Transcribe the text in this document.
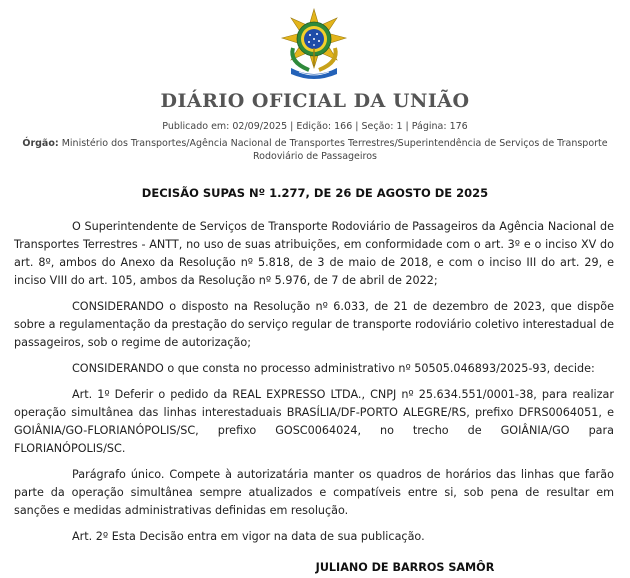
DIÁRIO OFICIAL DA UNIÃO
Publicado em: 02/09/2025 | Edição: 166 | Seção: 1 | Página: 176
Órgão: Ministério dos Transportes/Agência Nacional de Transportes Terrestres/Superintendência de Serviços de Transporte Rodoviário de Passageiros
DECISÃO SUPAS Nº 1.277, DE 26 DE AGOSTO DE 2025

O Superintendente de Serviços de Transporte Rodoviário de Passageiros da Agência Nacional de Transportes Terrestres - ANTT, no uso de suas atribuições, em conformidade com o art. 3º e o inciso XV do art. 8º, ambos do Anexo da Resolução nº 5.818, de 3 de maio de 2018, e com o inciso III do art. 29, e inciso VIII do art. 105, ambos da Resolução nº 5.976, de 7 de abril de 2022;

CONSIDERANDO o disposto na Resolução nº 6.033, de 21 de dezembro de 2023, que dispõe sobre a regulamentação da prestação do serviço regular de transporte rodoviário coletivo interestadual de passageiros, sob o regime de autorização;

CONSIDERANDO o que consta no processo administrativo nº 50505.046893/2025-93, decide:

Art. 1º Deferir o pedido da REAL EXPRESSO LTDA., CNPJ nº 25.634.551/0001-38, para realizar operação simultânea das linhas interestaduais BRASÍLIA/DF-PORTO ALEGRE/RS, prefixo DFRS0064051, e GOIÂNIA/GO-FLORIANÓPOLIS/SC, prefixo GOSC0064024, no trecho de GOIÂNIA/GO para FLORIANÓPOLIS/SC.

Parágrafo único. Compete à autorizatária manter os quadros de horários das linhas que farão parte da operação simultânea sempre atualizados e compatíveis entre si, sob pena de resultar em sanções e medidas administrativas definidas em resolução.

Art. 2º Esta Decisão entra em vigor na data de sua publicação.

JULIANO DE BARROS SAMÔR
